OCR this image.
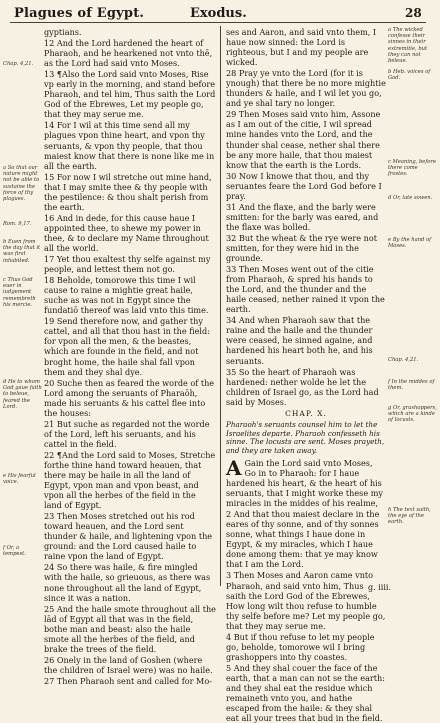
Plagues of Egypt.	Exodus.	28
Chap. 4,21.
a So that our nature might not be able to sustaine the force of thy plagues.
Rom. 9,17.
b Euen from the day that it was first inhabited.
c Thus God euer in iudgement remembreth his mercie.
d He to whom God gaue faith to beleue, feared the Lord.
e His fearful voice.
f Or, a tempest.

gyptians.

12 And the Lord hardened the heart of Pharaoh, and he hearkened not vnto thē, as the Lord had said vnto Moses.

13 ¶Also the Lord said vnto Moses, Rise vp early in the morning, and stand before Pharaoh, and tel him, Thus saith the Lord God of the Ebrewes, Let my people go, that they may serue me.

14 For I wil at this time send all my plagues vpon thine heart, and vpon thy seruants, & vpon thy people, that thou maiest know that there is none like me in all the earth.

15 For now I wil stretche out mine hand, that I may smite thee & thy people with the pestilence: & thou shalt perish from the earth.

16 And in dede, for this cause haue I appointed thee, to shewe my power in thee, & to declare my Name throughout all the world.

17 Yet thou exaltest thy selfe against my people, and lettest them not go.

18 Beholde, tomorowe this time I wil cause to raine a mightie great haile, suche as was not in Egypt since the fundatiō thereof was laid vnto this time.

19 Send therefore now, and gather thy cattel, and all that thou hast in the field: for vpon all the men, & the beastes, which are founde in the field, and not broght home, the haile shal fall vpon them and they shal dye.

20 Suche then as feared the worde of the Lord among the seruants of Pharaōh, made his seruants & his cattel flee into the houses:

21 But suche as regarded not the worde of the Lord, left his seruants, and his cattel in the field.

22 ¶And the Lord said to Moses, Stretche forthe thine hand toward heauen, that there may be haile in all the land of Egypt, vpon man and vpon beast, and vpon all the herbes of the field in the land of Egypt.

23 Then Moses stretched out his rod toward heauen, and the Lord sent thunder & haile, and lightening vpon the ground: and the Lord caused haile to raine vpon the land of Egypt.

24 So there was haile, & fire mingled with the haile, so grieuous, as there was none throughout all the land of Egypt, since it was a nation.

25 And the haile smote throughout all the lād of Egypt all that was in the field, bothe man and beast: also the haile smote all the herbes of the field, and brake the trees of the field.

26 Onely in the land of Goshen (where the children of Israel were) was no haile.

27 Then Pharaoh sent and called for Mo-

ses and Aaron, and said vnto them, I haue now sinned: the Lord is righteous, but I and my people are wicked.

28 Pray ye vnto the Lord (for it is ynough) that there be no more mightie thunders & haile, and I wil let you go, and ye shal tary no longer.

29 Then Moses said vnto him, Assone as I am out of the citie, I wil spread mine handes vnto the Lord, and the thunder shal cease, nether shal there be any more haile, that thou maiest know that the earth is the Lords.

30 Now I knowe that thou, and thy seruantes feare the Lord God before I pray.

31 And the flaxe, and the barly were smitten: for the barly was eared, and the flaxe was bolled.

32 But the wheat & the rye were not smitten, for they were hid in the grounde.

33 Then Moses went out of the citie from Pharaoh, & spred his hands to the Lord, and the thunder and the haile ceased, nether rained it vpon the earth.

34 And when Pharaoh saw that the raine and the haile and the thunder were ceased, he sinned againe, and hardened his heart both he, and his seruants.

35 So the heart of Pharaoh was hardened: nether wolde he let the children of Israel go, as the Lord had said by Moses.

CHAP. X.

Pharaoh's seruants counsel him to let the Israelites departe. Pharaoh confesseth his sinne. The locusts are sent. Moses prayeth, and they are taken away.

A Gain the Lord said vnto Moses, Go in to Pharaoh: for I haue hardened his heart, & the heart of his seruants, that I might worke these my miracles in the middes of his realme,

2 And that thou maiest declare in the eares of thy sonne, and of thy sonnes sonne, what things I haue done in Egypt, & my miracles, which I haue done among them: that ye may know that I am the Lord.

3 Then Moses and Aaron came vnto Pharaoh, and said vnto him, Thus saith the Lord God of the Ebrewes, How long wilt thou refuse to humble thy selfe before me? Let my people go, that they may serue me.

4 But if thou refuse to let my people go, beholde, tomorowe wil I bring grashoppers into thy coastes.

5 And they shal couer the face of the earth, that a man can not se the earth: and they shal eat the residue which remaineth vnto you, and hathe escaped from the haile: & they shal eat all your trees that bud in the field.

a The wicked confesse their sinnes in their extremitie, but they can not beleue.
b Heb. voices of God.
c Meaning, before there come frostes.
d Or, late sowen.
e By the hand of Moses.
Chap. 4,21.
f In the middes of them.
g Or, grashoppers, which are a kinde of locusts.
h The text saith, the eye of the earth.
g. iiii.
